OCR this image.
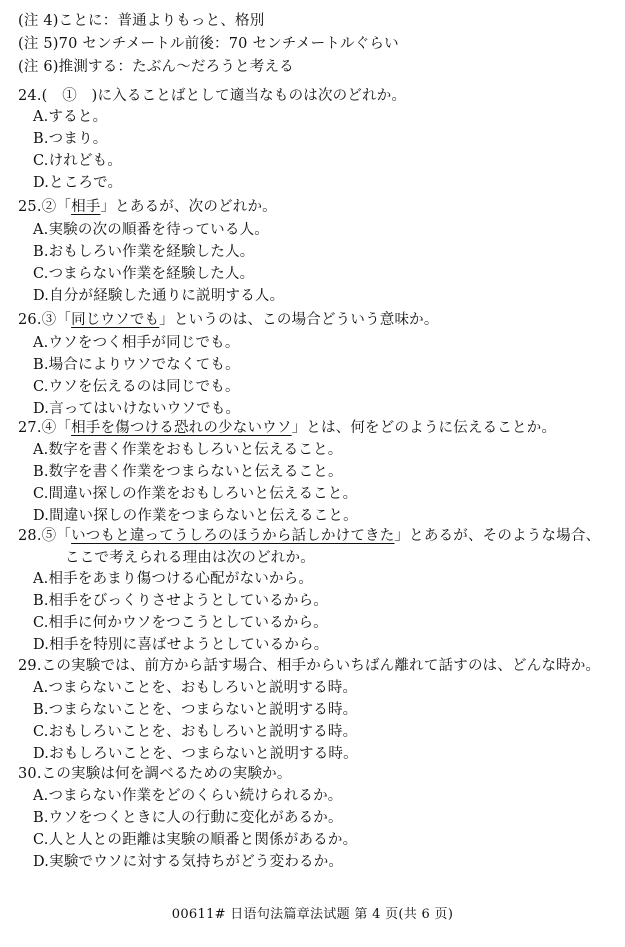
(注 4)ことに：普通よりもっと、格別
(注 5)70 センチメートル前後：70 センチメートルぐらい
(注 6)推測する：たぶん～だろうと考える
24.(　①　)に入ることばとして適当なものは次のどれか。
A.すると。
B.つまり。
C.けれども。
D.ところで。
25.②「相手」とあるが、次のどれか。
A.実験の次の順番を待っている人。
B.おもしろい作業を経験した人。
C.つまらない作業を経験した人。
D.自分が経験した通りに説明する人。
26.③「同じウソでも」というのは、この場合どういう意味か。
A.ウソをつく相手が同じでも。
B.場合によりウソでなくても。
C.ウソを伝えるのは同じでも。
D.言ってはいけないウソでも。
27.④「相手を傷つける恐れの少ないウソ」とは、何をどのように伝えることか。
A.数字を書く作業をおもしろいと伝えること。
B.数字を書く作業をつまらないと伝えること。
C.間違い探しの作業をおもしろいと伝えること。
D.間違い探しの作業をつまらないと伝えること。
28.⑤「いつもと違ってうしろのほうから話しかけてきた」とあるが、そのような場合、
ここで考えられる理由は次のどれか。
A.相手をあまり傷つける心配がないから。
B.相手をびっくりさせようとしているから。
C.相手に何かウソをつこうとしているから。
D.相手を特別に喜ばせようとしているから。
29.この実験では、前方から話す場合、相手からいちばん離れて話すのは、どんな時か。
A.つまらないことを、おもしろいと説明する時。
B.つまらないことを、つまらないと説明する時。
C.おもしろいことを、おもしろいと説明する時。
D.おもしろいことを、つまらないと説明する時。
30.この実験は何を調べるための実験か。
A.つまらない作業をどのくらい続けられるか。
B.ウソをつくときに人の行動に変化があるか。
C.人と人との距離は実験の順番と関係があるか。
D.実験でウソに対する気持ちがどう変わるか。
00611# 日语句法篇章法试题 第 4 页(共 6 页)
